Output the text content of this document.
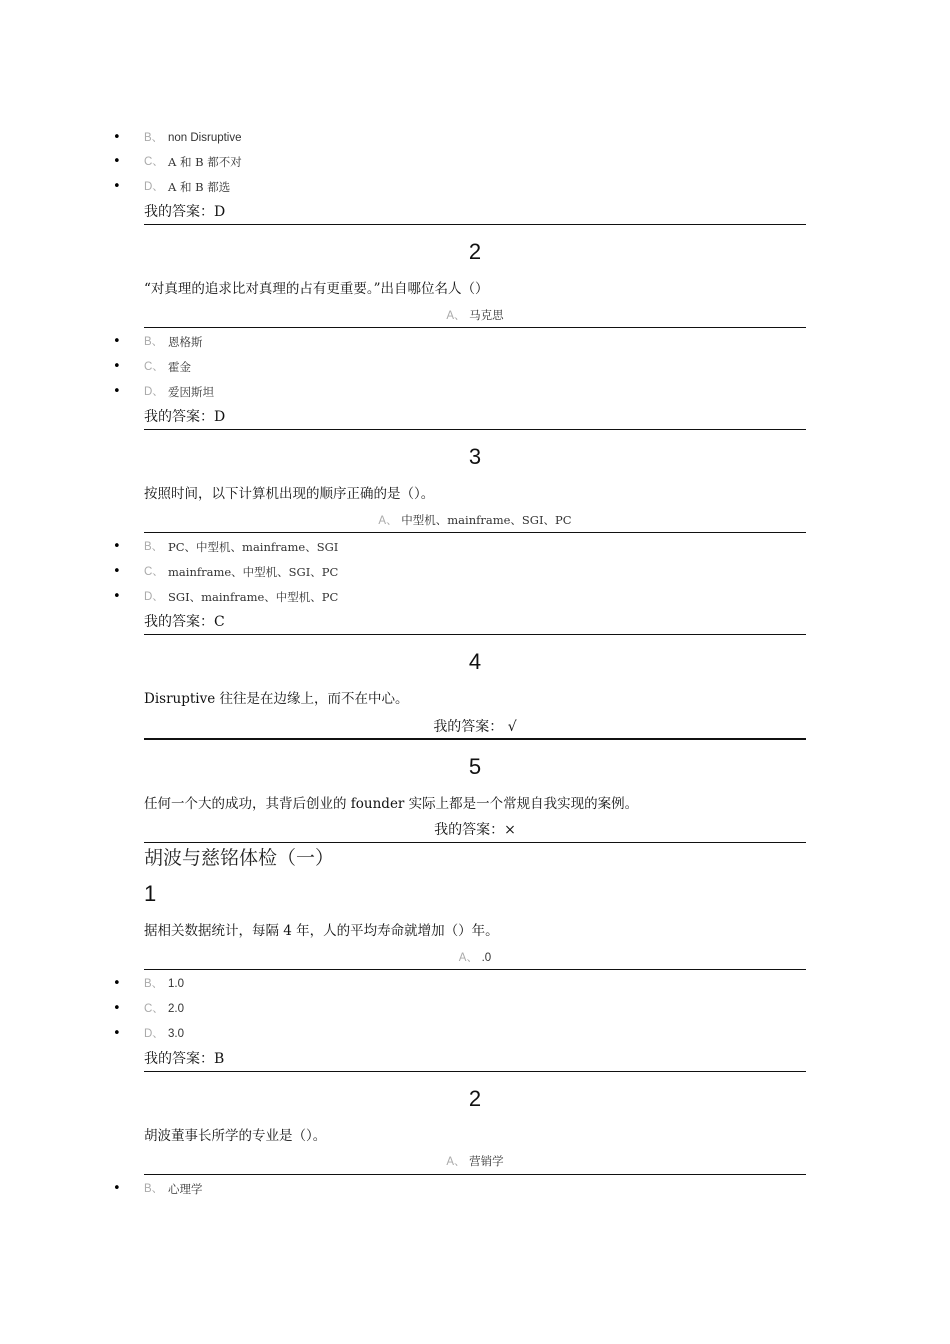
• B、 non Disruptive
• C、 A 和 B 都不对
• D、 A 和 B 都选
我的答案：D
2
“对真理的追求比对真理的占有更重要。”出自哪位名人（）
A、 马克思
• B、 恩格斯
• C、 霍金
• D、 爱因斯坦
我的答案：D
3
按照时间，以下计算机出现的顺序正确的是（）。
A、 中型机、mainframe、SGI、PC
• B、 PC、中型机、mainframe、SGI
• C、 mainframe、中型机、SGI、PC
• D、 SGI、mainframe、中型机、PC
我的答案：C
4
Disruptive 往往是在边缘上，而不在中心。
我的答案： √
5
任何一个大的成功，其背后创业的 founder 实际上都是一个常规自我实现的案例。
我的答案：×
胡波与慈铭体检（一）
1
据相关数据统计，每隔 4 年，人的平均寿命就增加（）年。
A、 .0
• B、 1.0
• C、 2.0
• D、 3.0
我的答案：B
2
胡波董事长所学的专业是（）。
A、 营销学
• B、 心理学
